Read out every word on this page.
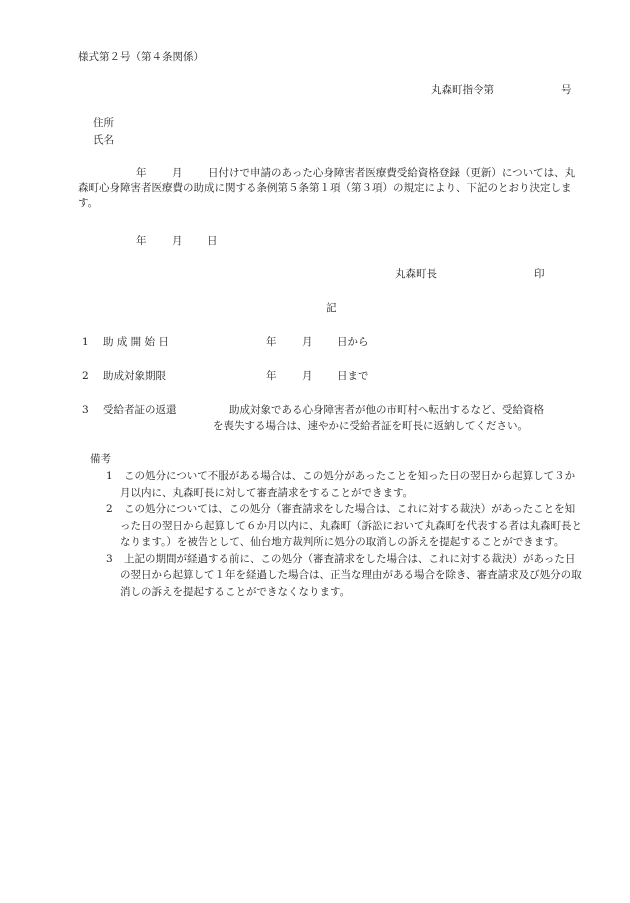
様式第２号（第４条関係）
丸森町指令第	号
住所
氏名
年 月	日付けで申請のあった心身障害者医療費受給資格登録（更新）については、丸森町心身障害者医療費の助成に関する条例第５条第１項（第３項）の規定により、下記のとおり決定します。
年 月 日
丸森町長	印
記
1 助 成 開 始 日	年 月 日から
2 助成対象期限	年 月 日まで
3 受給者証の返還	助成対象である心身障害者が他の市町村へ転出するなど、受給資格
を喪失する場合は、速やかに受給者証を町長に返納してください。
備考

1 この処分について不服がある場合は、この処分があったことを知った日の翌日から起算して３か月以内に、丸森町長に対して審査請求をすることができます。

2 この処分については、この処分（審査請求をした場合は、これに対する裁決）があったことを知った日の翌日から起算して６か月以内に、丸森町（訴訟において丸森町を代表する者は丸森町長となります。）を被告として、仙台地方裁判所に処分の取消しの訴えを提起することができます。

3 上記の期間が経過する前に、この処分（審査請求をした場合は、これに対する裁決）があった日の翌日から起算して１年を経過した場合は、正当な理由がある場合を除き、審査請求及び処分の取消しの訴えを提起することができなくなります。
